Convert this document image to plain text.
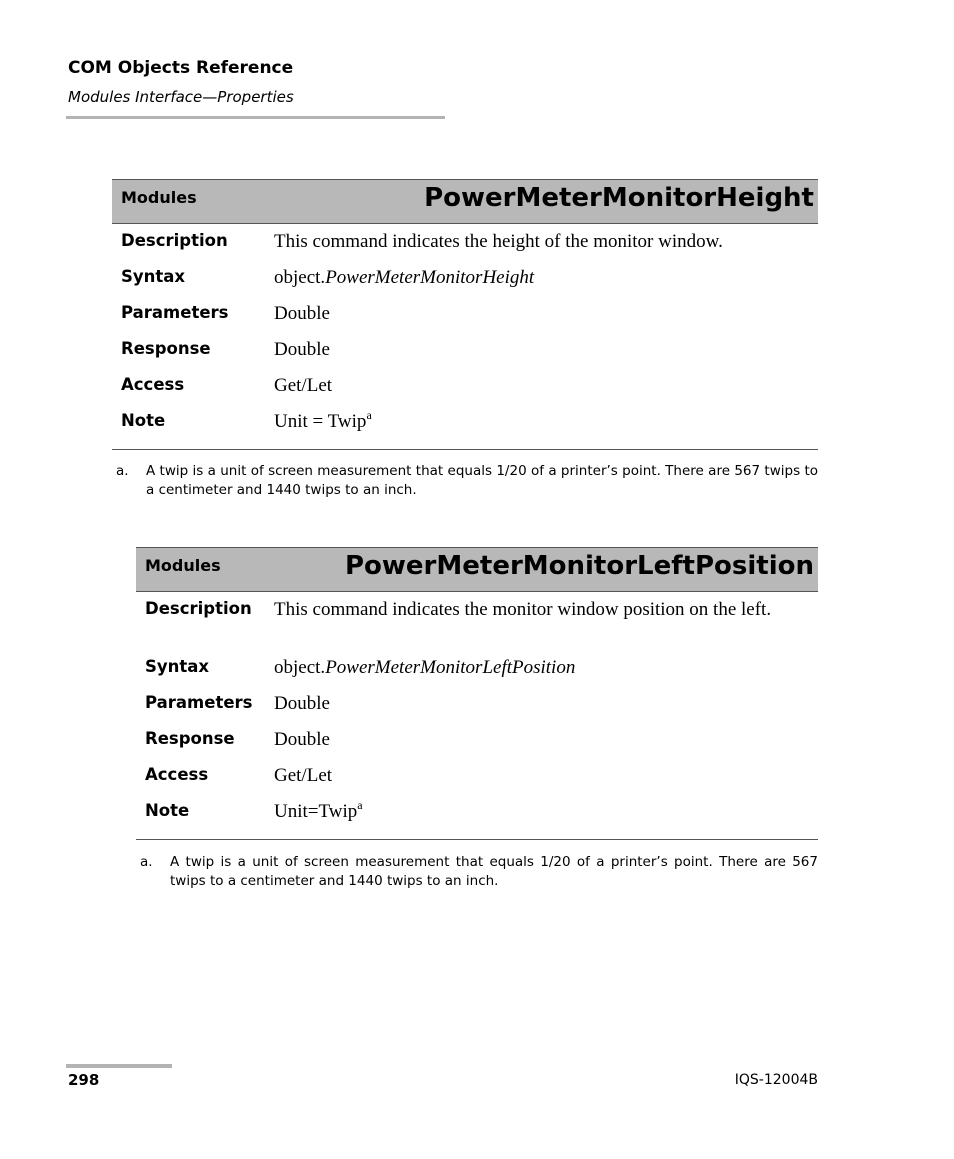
COM Objects Reference
Modules Interface—Properties
Modules	PowerMeterMonitorHeight
Description	This command indicates the height of the monitor window.
Syntax	object.PowerMeterMonitorHeight
Parameters	Double
Response	Double
Access	Get/Let
Note	Unit = Twip$^a$
a.	A twip is a unit of screen measurement that equals 1/20 of a printer’s point. There are 567 twips to a centimeter and 1440 twips to an inch.
Modules	PowerMeterMonitorLeftPosition
Description	This command indicates the monitor window position on the left.
Syntax	object.PowerMeterMonitorLeftPosition
Parameters	Double
Response	Double
Access	Get/Let
Note	Unit=Twip$^a$
a.	A twip is a unit of screen measurement that equals 1/20 of a printer’s point. There are 567 twips to a centimeter and 1440 twips to an inch.
298	IQS-12004B
